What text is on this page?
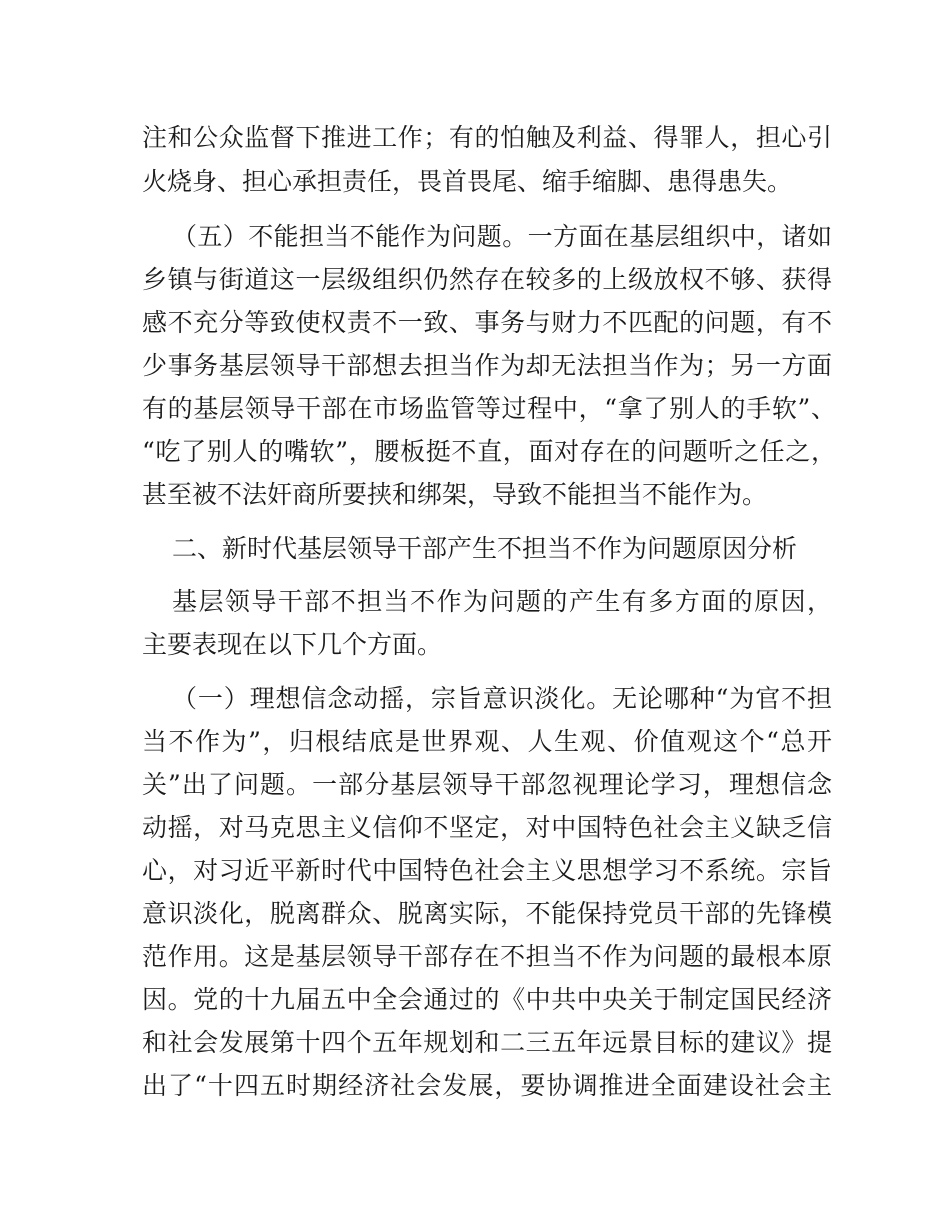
注和公众监督下推进工作；有的怕触及利益、得罪人，担心引
火烧身、担心承担责任，畏首畏尾、缩手缩脚、患得患失。
（五）不能担当不能作为问题。一方面在基层组织中，诸如
乡镇与街道这一层级组织仍然存在较多的上级放权不够、获得
感不充分等致使权责不一致、事务与财力不匹配的问题，有不
少事务基层领导干部想去担当作为却无法担当作为；另一方面
有的基层领导干部在市场监管等过程中，“拿了别人的手软”、
“吃了别人的嘴软”，腰板挺不直，面对存在的问题听之任之，
甚至被不法奸商所要挟和绑架，导致不能担当不能作为。
二、新时代基层领导干部产生不担当不作为问题原因分析
基层领导干部不担当不作为问题的产生有多方面的原因，
主要表现在以下几个方面。
（一）理想信念动摇，宗旨意识淡化。无论哪种“为官不担
当不作为”，归根结底是世界观、人生观、价值观这个“总开
关”出了问题。一部分基层领导干部忽视理论学习，理想信念
动摇，对马克思主义信仰不坚定，对中国特色社会主义缺乏信
心，对习近平新时代中国特色社会主义思想学习不系统。宗旨
意识淡化，脱离群众、脱离实际，不能保持党员干部的先锋模
范作用。这是基层领导干部存在不担当不作为问题的最根本原
因。党的十九届五中全会通过的《中共中央关于制定国民经济
和社会发展第十四个五年规划和二三五年远景目标的建议》提
出了“十四五时期经济社会发展，要协调推进全面建设社会主
